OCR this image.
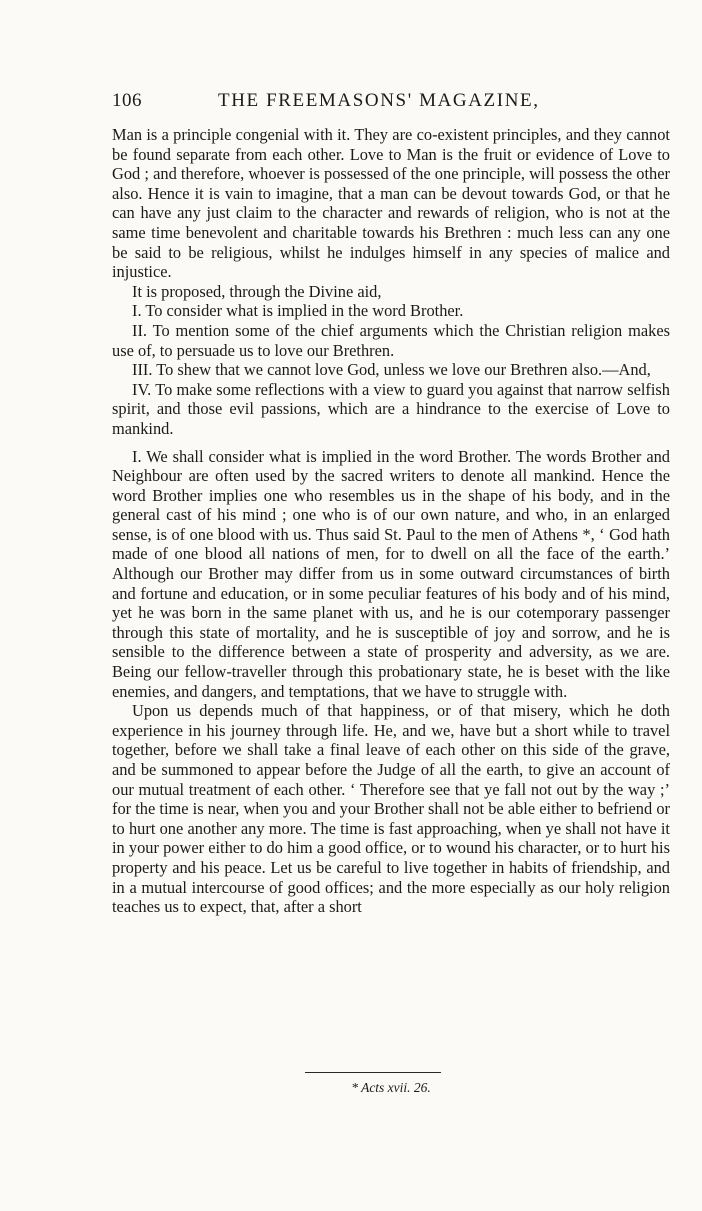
106	THE FREEMASONS' MAGAZINE,

Man is a principle congenial with it. They are co-existent principles, and they cannot be found separate from each other. Love to Man is the fruit or evidence of Love to God ; and therefore, whoever is possessed of the one principle, will possess the other also. Hence it is vain to imagine, that a man can be devout towards God, or that he can have any just claim to the character and rewards of religion, who is not at the same time benevolent and charitable towards his Brethren : much less can any one be said to be religious, whilst he indulges himself in any species of malice and injustice.

It is proposed, through the Divine aid,

I. To consider what is implied in the word Brother.

II. To mention some of the chief arguments which the Christian religion makes use of, to persuade us to love our Brethren.

III. To shew that we cannot love God, unless we love our Brethren also.—And,

IV. To make some reflections with a view to guard you against that narrow selfish spirit, and those evil passions, which are a hindrance to the exercise of Love to mankind.

I. We shall consider what is implied in the word Brother. The words Brother and Neighbour are often used by the sacred writers to denote all mankind. Hence the word Brother implies one who resembles us in the shape of his body, and in the general cast of his mind ; one who is of our own nature, and who, in an enlarged sense, is of one blood with us. Thus said St. Paul to the men of Athens *, ‘ God hath made of one blood all nations of men, for to dwell on all the face of the earth.’ Although our Brother may differ from us in some outward circumstances of birth and fortune and education, or in some peculiar features of his body and of his mind, yet he was born in the same planet with us, and he is our cotemporary passenger through this state of mortality, and he is susceptible of joy and sorrow, and he is sensible to the difference between a state of prosperity and adversity, as we are. Being our fellow-traveller through this probationary state, he is beset with the like enemies, and dangers, and temptations, that we have to struggle with.

Upon us depends much of that happiness, or of that misery, which he doth experience in his journey through life. He, and we, have but a short while to travel together, before we shall take a final leave of each other on this side of the grave, and be summoned to appear before the Judge of all the earth, to give an account of our mutual treatment of each other. ‘ Therefore see that ye fall not out by the way ;’ for the time is near, when you and your Brother shall not be able either to befriend or to hurt one another any more. The time is fast approaching, when ye shall not have it in your power either to do him a good office, or to wound his character, or to hurt his property and his peace. Let us be careful to live together in habits of friendship, and in a mutual intercourse of good offices; and the more especially as our holy religion teaches us to expect, that, after a short

* Acts xvii. 26.
